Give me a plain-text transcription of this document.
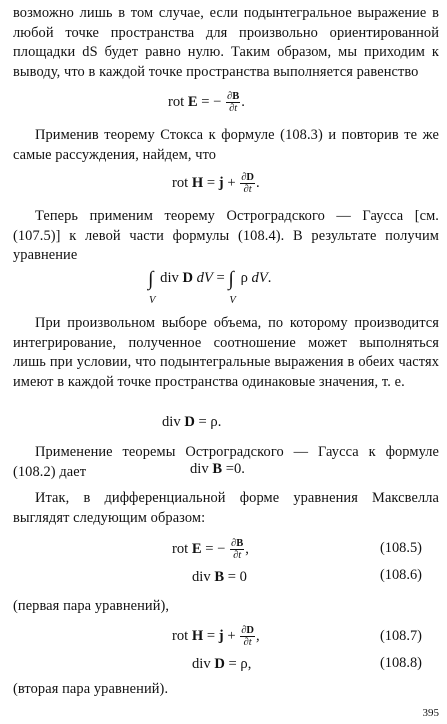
возможно лишь в том случае, если подынтегральное выражение в любой точке пространства для произвольно ориентированной площадки dS будет равно нулю. Таким образом, мы приходим к выводу, что в каждой точке пространства выполняется равенство
rot E = − $\frac{\partial B}{\partial t}$ .
Применив теорему Стокса к формуле (108.3) и повторив те же самые рассуждения, найдем, что
rot $H = j + \frac{\partial D}{\partial t}$ .
Теперь применим теорему Остроградского — Гаусса [см. (107.5)] к левой части формулы (108.4). В результате получим уравнение
∫
V
div D dV = ∫
V
ρ dV.
При произвольном выборе объема, по которому производится интегрирование, полученное соотношение может выполняться лишь при условии, что подынтегральные выражения в обеих частях имеют в каждой точке пространства одинаковые значения, т. е.
div D = ρ.
Применение теоремы Остроградского — Гаусса к формуле (108.2) дает	div B =0.
Итак, в дифференциальной форме уравнения Максвелла выглядят следующим образом:
rot E = − $\frac{\partial B}{\partial t}$ ,	(108.5)
div B = 0	(108.6)
(первая пара уравнений),
rot $H = j + \frac{\partial D}{\partial t}$ ,	(108.7)
div D = ρ,	(108.8)
(вторая пара уравнений).
395
